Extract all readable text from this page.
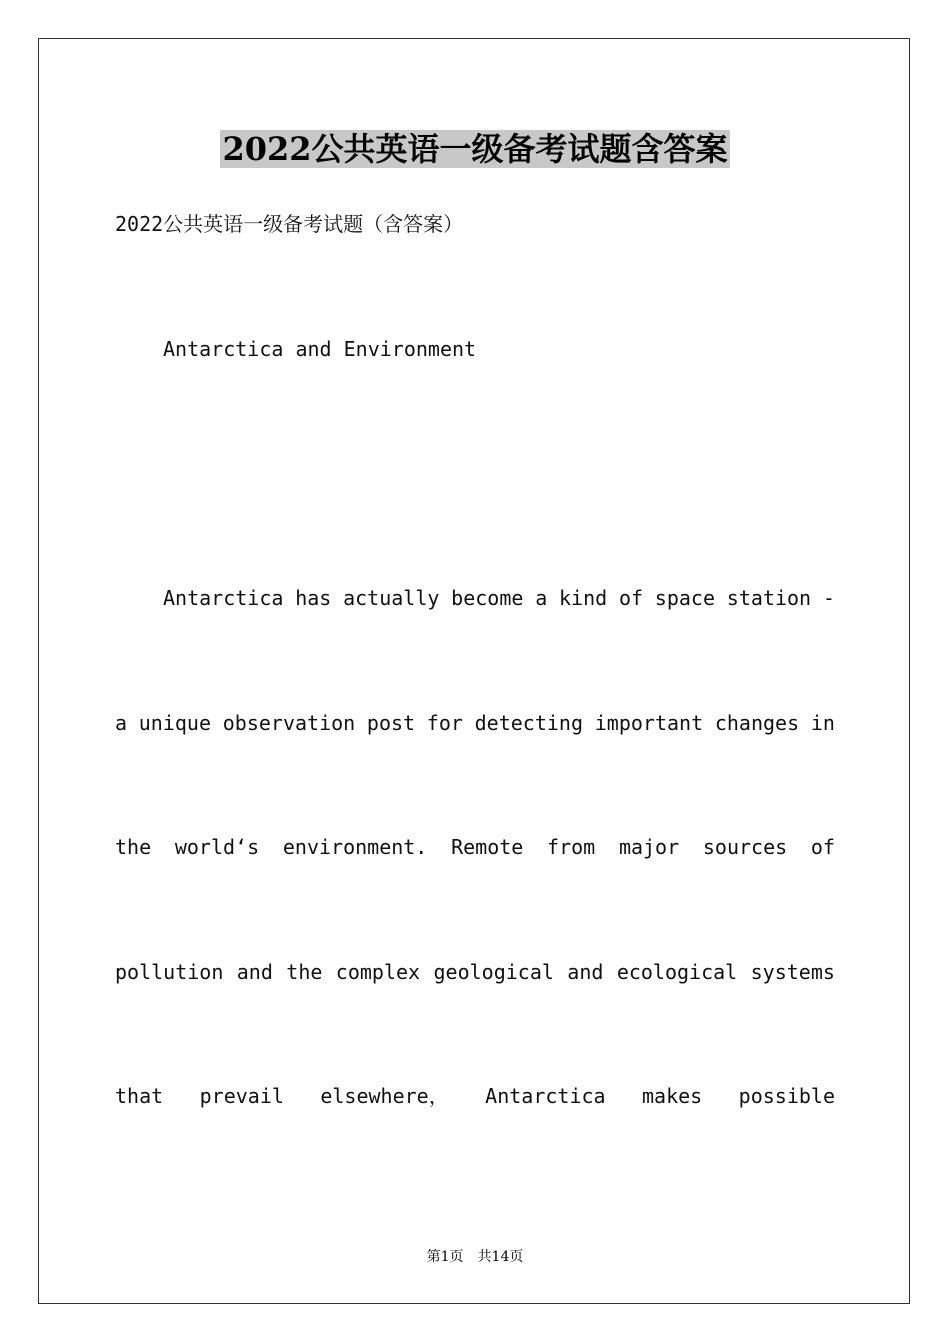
2022公共英语一级备考试题含答案
2022公共英语一级备考试题（含答案）
Antarctica and Environment
Antarctica has actually become a kind of space station -
a unique observation post for detecting important changes in
the world‘s environment. Remote from major sources of
pollution and the complex geological and ecological systems
that prevail elsewhere， Antarctica makes possible
第1页 共14页
